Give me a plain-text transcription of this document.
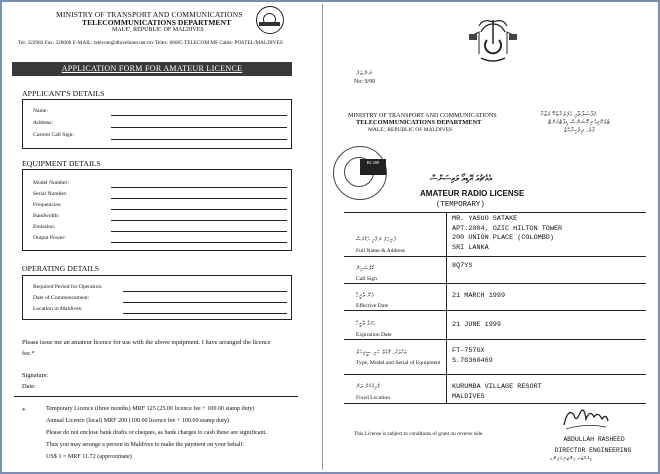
MINISTRY OF TRANSPORT AND COMMUNICATIONS
TELECOMMUNICATIONS DEPARTMENT
MALE', REPUBLIC OF MALDIVES
Tel: 322982 Fax: 320000 E-MAIL: telecom@dhivehinet.net.mv Telex: 66065 TELECOM MF Cable: POSTEL/MALDIVES
APPLICATION FORM FOR AMATEUR LICENCE
APPLICANT'S DETAILS
Name:
Address:
Current Call Sign:
EQUIPMENT DETAILS
Model Number:
Serial Number:
Frequencies:
Bandwidth:
Emission:
Output Power:
OPERATING DETAILS
Required Period for Operation:
Date of Commencement:
Location in Maldives:
Please issue me an amateur licence for use with the above equipment. I have arranged the licence
fee.*
Signature:
Date:
*	Temporary Licence (three months) MRF 125 (25.00 licence fee + 100.00 stamp duty)
Annual Licence (local) MRF 200 (100.00 licence fee + 100.00 stamp duty)
Please do not enclose bank drafts or cheques, as bank charges to cash these are significant.
Thus you may arrange a person in Maldives to make the payment on your behalf.
US$ 1 = MRF 11.72 (approximate)
ނަންބަރު
No: 9/99
MINISTRY OF TRANSPORT AND COMMUNICATIONS
TELECOMMUNICATIONS DEPARTMENT
MALE', REPUBLIC OF MALDIVES
މުވާސަލާތާއި އުފުލުމާބެހޭ ވުޒާރާ
ޓެލެކޮމިއުނިކޭޝަންސް ޑިޕާޓްމަންޓް
މާލެ، ދިވެހިރާއްޖެ
Rf 200
އެމެޗުއަ ރޭޑިއޯ ލައިސަންސް
AMATEUR RADIO LICENSE
(TEMPORARY)
ފުރިހަމަ ނަމާއި އެޑްރެސް
Full Name & Address
MR. YASUO SATAKE
APT.2004, OZIC HILTON TOWER
200 UNION PLACE (COLOMBO)
SRI LANKA
ކޯލްސައިން
Call Sign
8Q7YS
ފެށޭ ތާރީޚް
Effective Date
21 MARCH 1999
ހަމަވާ ތާރީޚް
Expiration Date
21 JUNE 1999
ވައްތަރު، މޮޑެލް އަދި ސީރިއަލް
Type, Model and Serial of Equipment
FT-757GX
S.7G360469
ޤާއިމުކުރާ ތަން
Fixed Location
KURUMBA VILLAGE RESORT
MALDIVES
This License is subject to conditions of grant on reverse side.
ABDULLAH RASHEED
DIRECTOR ENGINEERING
ޑިރެކްޓަރ އިންޖިނިއަރިންގ
